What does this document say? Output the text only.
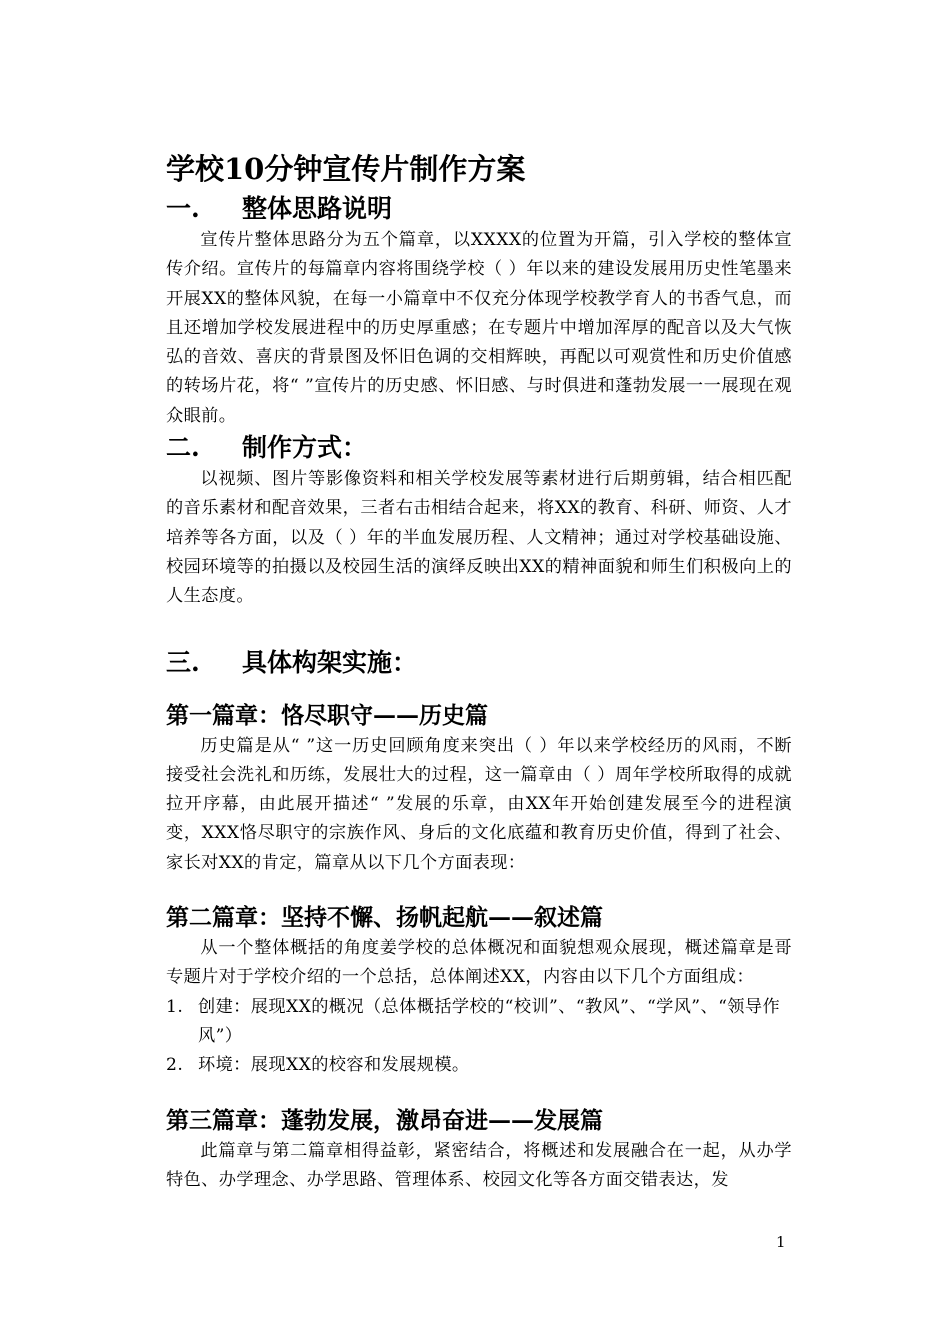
学校10分钟宣传片制作方案
一. 整体思路说明

宣传片整体思路分为五个篇章，以XXXX的位置为开篇，引入学校的整体宣传介绍。宣传片的每篇章内容将围绕学校（ ）年以来的建设发展用历史性笔墨来开展XX的整体风貌，在每一小篇章中不仅充分体现学校教学育人的书香气息，而且还增加学校发展进程中的历史厚重感；在专题片中增加浑厚的配音以及大气恢弘的音效、喜庆的背景图及怀旧色调的交相辉映，再配以可观赏性和历史价值感的转场片花，将“ ”宣传片的历史感、怀旧感、与时俱进和蓬勃发展一一展现在观众眼前。

二. 制作方式：

以视频、图片等影像资料和相关学校发展等素材进行后期剪辑，结合相匹配的音乐素材和配音效果，三者右击相结合起来，将XX的教育、科研、师资、人才培养等各方面，以及（ ）年的半血发展历程、人文精神；通过对学校基础设施、校园环境等的拍摄以及校园生活的演绎反映出XX的精神面貌和师生们积极向上的人生态度。

三. 具体构架实施：
第一篇章：恪尽职守——历史篇

历史篇是从“ ”这一历史回顾角度来突出（ ）年以来学校经历的风雨，不断接受社会洗礼和历练，发展壮大的过程，这一篇章由（ ）周年学校所取得的成就拉开序幕，由此展开描述“ ”发展的乐章，由XX年开始创建发展至今的进程演变，XXX恪尽职守的宗族作风、身后的文化底蕴和教育历史价值，得到了社会、家长对XX的肯定，篇章从以下几个方面表现：

第二篇章：坚持不懈、扬帆起航——叙述篇

从一个整体概括的角度姜学校的总体概况和面貌想观众展现，概述篇章是哥专题片对于学校介绍的一个总括，总体阐述XX，内容由以下几个方面组成：

1. 创建：展现XX的概况（总体概括学校的“校训”、“教风”、“学风”、“领导作风”）
2. 环境：展现XX的校容和发展规模。
第三篇章：蓬勃发展，激昂奋进——发展篇

此篇章与第二篇章相得益彰，紧密结合，将概述和发展融合在一起，从办学特色、办学理念、办学思路、管理体系、校园文化等各方面交错表达，发

1
